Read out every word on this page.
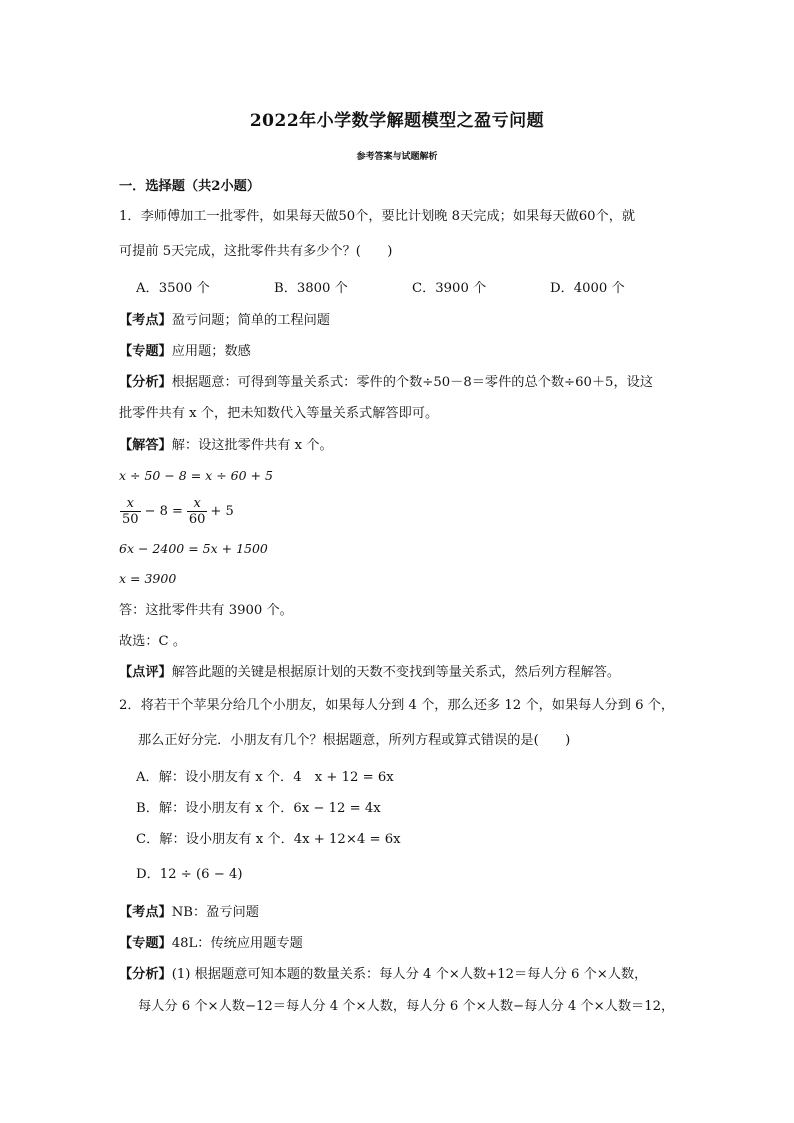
2022年小学数学解题模型之盈亏问题
参考答案与试题解析
一．选择题（共2小题）
1．李师傅加工一批零件，如果每天做50个，要比计划晚 8天完成；如果每天做60个，就
可提前 5天完成，这批零件共有多少个？(　　)
A．3500 个	B．3800 个	C．3900 个	D．4000 个
【考点】盈亏问题；简单的工程问题
【专题】应用题；数感
【分析】根据题意：可得到等量关系式：零件的个数÷50－8＝零件的总个数÷60＋5，设这
批零件共有 x 个，把未知数代入等量关系式解答即可。
【解答】解：设这批零件共有 x 个。
x ÷ 50 − 8 = x ÷ 60 + 5
$\frac{x}{50} - 8 = \frac{x}{60} + 5$
6x − 2400 = 5x + 1500
x = 3900
答：这批零件共有 3900 个。
故选：C 。
【点评】解答此题的关键是根据原计划的天数不变找到等量关系式，然后列方程解答。
2．将若干个苹果分给几个小朋友，如果每人分到 4 个，那么还多 12 个，如果每人分到 6 个，
那么正好分完．小朋友有几个？根据题意，所列方程或算式错误的是(　　)
A．解：设小朋友有 x 个．4　x + 12 = 6x
B．解：设小朋友有 x 个．6x − 12 = 4x
C．解：设小朋友有 x 个．4x + 12×4 = 6x
D．12 ÷ (6 − 4)
【考点】NB：盈亏问题
【专题】48L：传统应用题专题
【分析】(1) 根据题意可知本题的数量关系：每人分 4 个×人数+12＝每人分 6 个×人数，
每人分 6 个×人数−12＝每人分 4 个×人数，每人分 6 个×人数−每人分 4 个×人数＝12，
